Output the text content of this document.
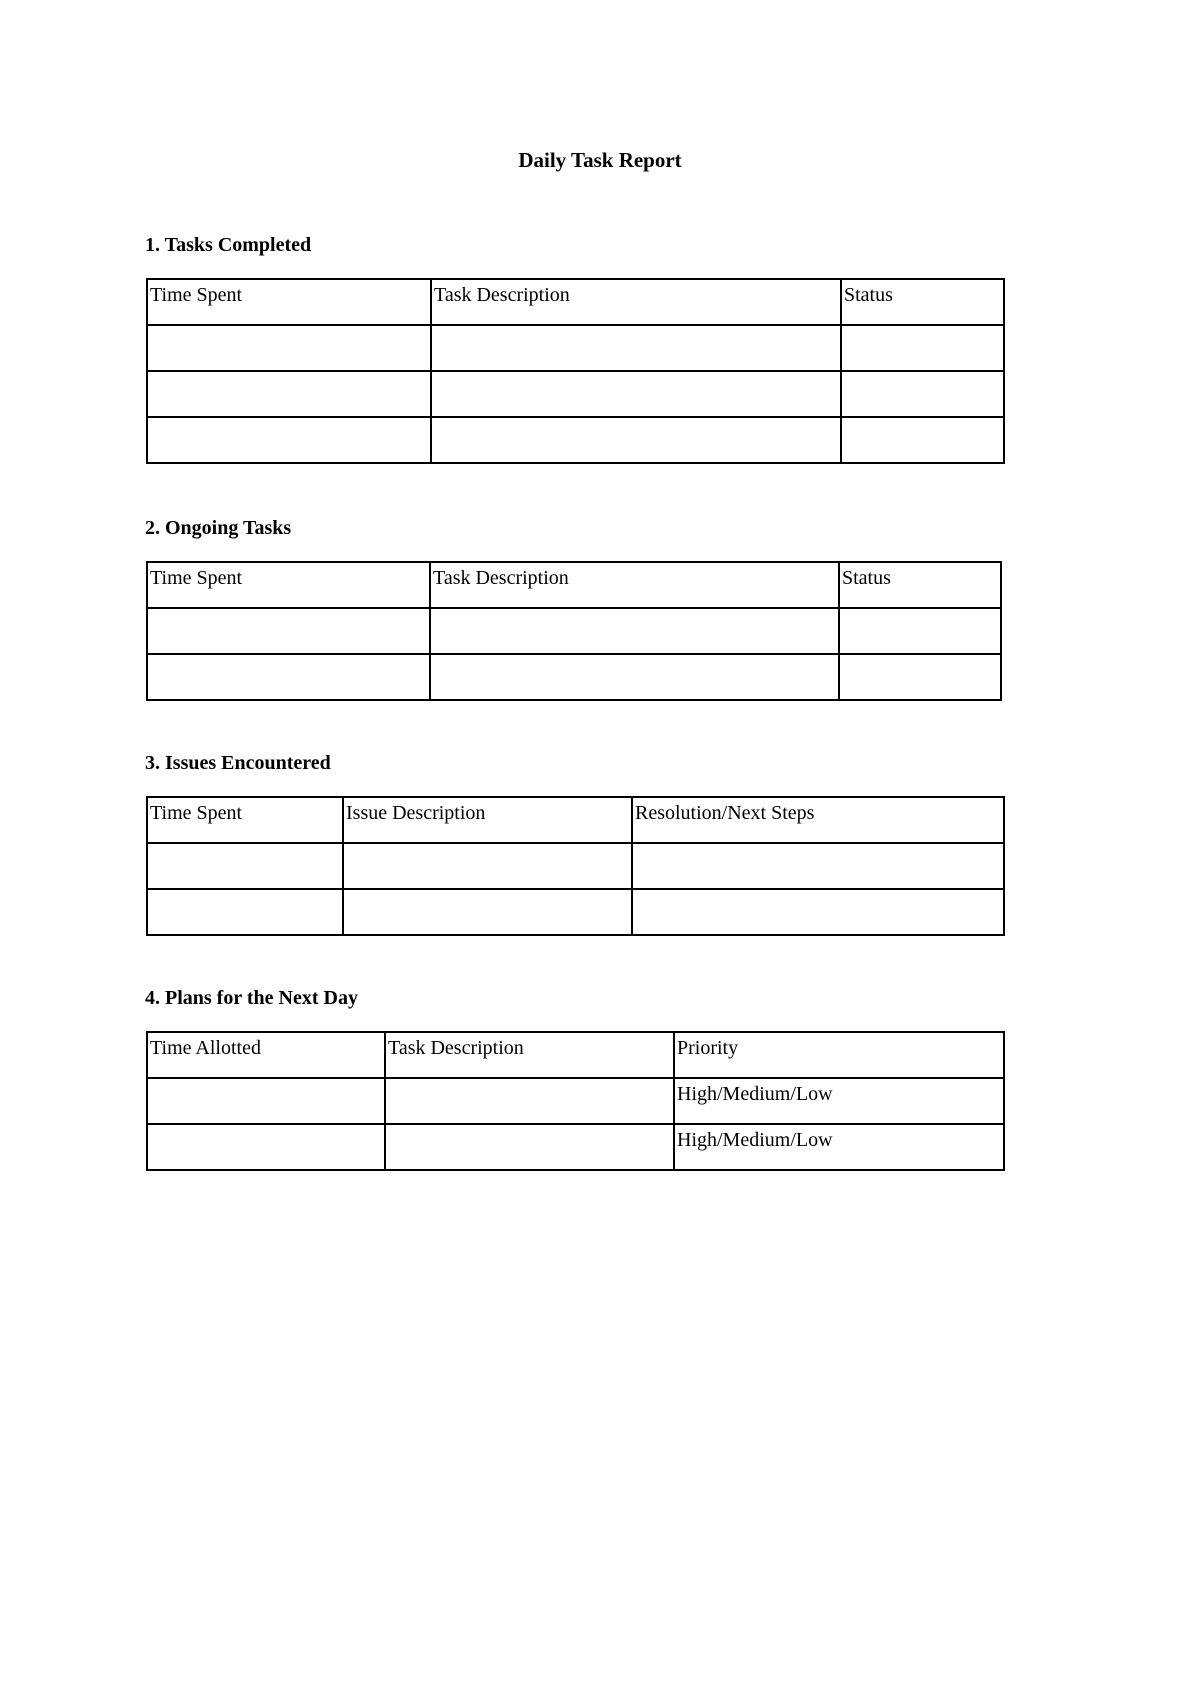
Daily Task Report
1. Tasks Completed
Time Spent	Task Description	Status

2. Ongoing Tasks
Time Spent	Task Description	Status

3. Issues Encountered
Time Spent	Issue Description	Resolution/Next Steps

4. Plans for the Next Day
Time Allotted	Task Description	Priority
		High/Medium/Low
		High/Medium/Low
